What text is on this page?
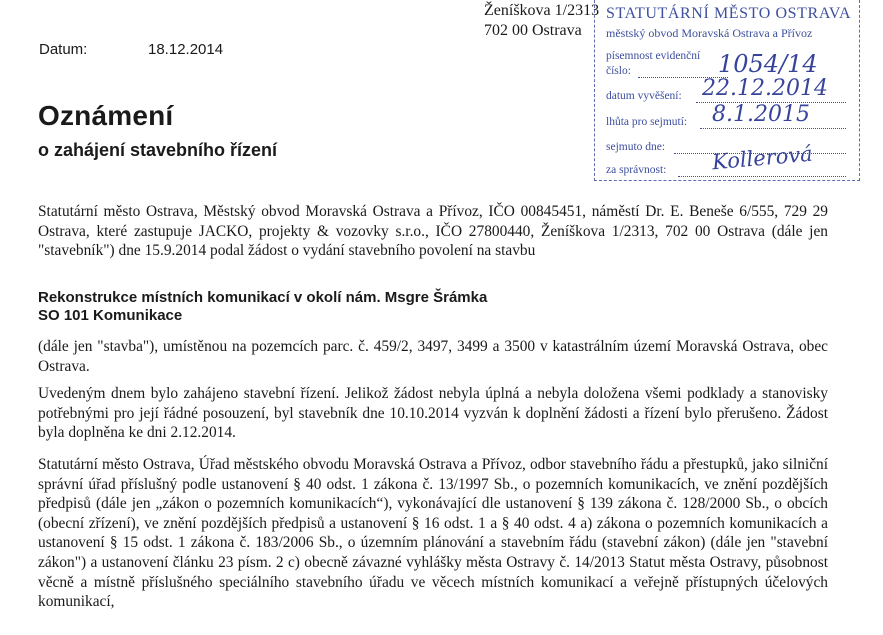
Ženíškova 1/2313
702 00 Ostrava
Datum:	18.12.2014
Oznámení
o zahájení stavebního řízení
STATUTÁRNÍ MĚSTO OSTRAVA
městský obvod Moravská Ostrava a Přívoz
písemnost evidenční
číslo:	1054/14
datum vyvěšení: 22.12.2014
lhůta pro sejmutí: 8.1.2015
sejmuto dne:
za správnost: Kollerová

Statutární město Ostrava, Městský obvod Moravská Ostrava a Přívoz, IČO 00845451, náměstí Dr. E. Beneše 6/555, 729 29 Ostrava, které zastupuje JACKO, projekty & vozovky s.r.o., IČO 27800440, Ženíškova 1/2313, 702 00 Ostrava (dále jen "stavebník") dne 15.9.2014 podal žádost o vydání stavebního povolení na stavbu

Rekonstrukce místních komunikací v okolí nám. Msgre Šrámka
SO 101 Komunikace

(dále jen "stavba"), umístěnou na pozemcích parc. č. 459/2, 3497, 3499 a 3500 v katastrálním území Moravská Ostrava, obec Ostrava.

Uvedeným dnem bylo zahájeno stavební řízení. Jelikož žádost nebyla úplná a nebyla doložena všemi podklady a stanovisky potřebnými pro její řádné posouzení, byl stavebník dne 10.10.2014 vyzván k doplnění žádosti a řízení bylo přerušeno. Žádost byla doplněna ke dni 2.12.2014.

Statutární město Ostrava, Úřad městského obvodu Moravská Ostrava a Přívoz, odbor stavebního řádu a přestupků, jako silniční správní úřad příslušný podle ustanovení § 40 odst. 1 zákona č. 13/1997 Sb., o pozemních komunikacích, ve znění pozdějších předpisů (dále jen „zákon o pozemních komunikacích“), vykonávající dle ustanovení § 139 zákona č. 128/2000 Sb., o obcích (obecní zřízení), ve znění pozdějších předpisů a ustanovení § 16 odst. 1 a § 40 odst. 4 a) zákona o pozemních komunikacích a ustanovení § 15 odst. 1 zákona č. 183/2006 Sb., o územním plánování a stavebním řádu (stavební zákon) (dále jen "stavební zákon") a ustanovení článku 23 písm. 2 c) obecně závazné vyhlášky města Ostravy č. 14/2013 Statut města Ostravy, působnost věcně a místně příslušného speciálního stavebního úřadu ve věcech místních komunikací a veřejně přístupných účelových komunikací,
